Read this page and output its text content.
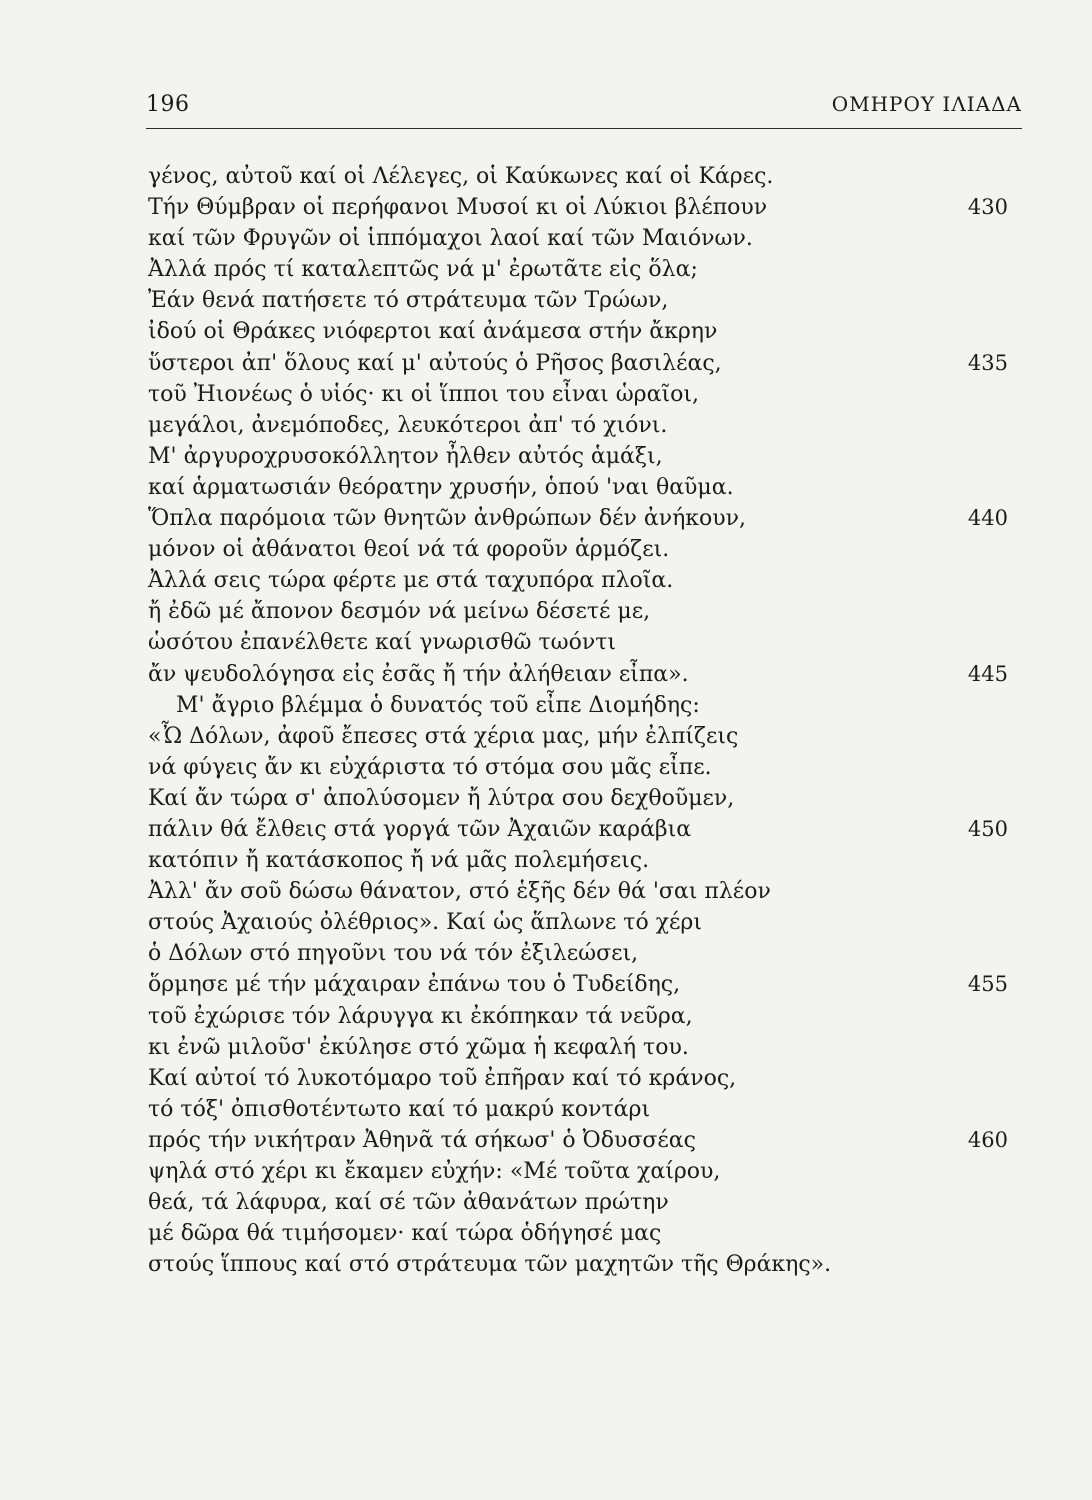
196	ΟΜΗΡΟΥ ΙΛΙΑΔΑ
γένος, αὐτοῦ καί οἱ Λέλεγες, οἱ Καύκωνες καί οἱ Κάρες.
Τήν Θύμβραν οἱ περήφανοι Μυσοί κι οἱ Λύκιοι βλέπουν	430
καί τῶν Φρυγῶν οἱ ἱππόμαχοι λαοί καί τῶν Μαιόνων.
Ἀλλά πρός τί καταλεπτῶς νά μ' ἐρωτᾶτε εἰς ὅλα;
Ἐάν θενά πατήσετε τό στράτευμα τῶν Τρώων,
ἰδού οἱ Θράκες νιόφερτοι καί ἀνάμεσα στήν ἄκρην
ὕστεροι ἀπ' ὅλους καί μ' αὐτούς ὁ Ρῆσος βασιλέας,	435
τοῦ Ἠιονέως ὁ υἱός· κι οἱ ἵπποι του εἶναι ὡραῖοι,
μεγάλοι, ἀνεμόποδες, λευκότεροι ἀπ' τό χιόνι.
Μ' ἀργυροχρυσοκόλλητον ἦλθεν αὐτός ἁμάξι,
καί ἁρματωσιάν θεόρατην χρυσήν, ὁπού 'ναι θαῦμα.
Ὅπλα παρόμοια τῶν θνητῶν ἀνθρώπων δέν ἀνήκουν,	440
μόνον οἱ ἀθάνατοι θεοί νά τά φοροῦν ἁρμόζει.
Ἀλλά σεις τώρα φέρτε με στά ταχυπόρα πλοῖα.
ἤ ἐδῶ μέ ἄπονον δεσμόν νά μείνω δέσετέ με,
ὡσότου ἐπανέλθετε καί γνωρισθῶ τωόντι
ἄν ψευδολόγησα εἰς ἐσᾶς ἤ τήν ἀλήθειαν εἶπα».	445
Μ' ἄγριο βλέμμα ὁ δυνατός τοῦ εἶπε Διομήδης:
«Ὦ Δόλων, ἀφοῦ ἔπεσες στά χέρια μας, μήν ἐλπίζεις
νά φύγεις ἄν κι εὐχάριστα τό στόμα σου μᾶς εἶπε.
Καί ἄν τώρα σ' ἀπολύσομεν ἤ λύτρα σου δεχθοῦμεν,
πάλιν θά ἔλθεις στά γοργά τῶν Ἀχαιῶν καράβια	450
κατόπιν ἤ κατάσκοπος ἤ νά μᾶς πολεμήσεις.
Ἀλλ' ἄν σοῦ δώσω θάνατον, στό ἑξῆς δέν θά 'σαι πλέον
στούς Ἀχαιούς ὀλέθριος». Καί ὡς ἅπλωνε τό χέρι
ὁ Δόλων στό πηγοῦνι του νά τόν ἐξιλεώσει,
ὅρμησε μέ τήν μάχαιραν ἐπάνω του ὁ Τυδείδης,	455
τοῦ ἐχώρισε τόν λάρυγγα κι ἐκόπηκαν τά νεῦρα,
κι ἐνῶ μιλοῦσ' ἐκύλησε στό χῶμα ἡ κεφαλή του.
Καί αὐτοί τό λυκοτόμαρο τοῦ ἐπῆραν καί τό κράνος,
τό τόξ' ὀπισθοτέντωτο καί τό μακρύ κοντάρι
πρός τήν νικήτραν Ἀθηνᾶ τά σήκωσ' ὁ Ὀδυσσέας	460
ψηλά στό χέρι κι ἔκαμεν εὐχήν: «Μέ τοῦτα χαίρου,
θεά, τά λάφυρα, καί σέ τῶν ἀθανάτων πρώτην
μέ δῶρα θά τιμήσομεν· καί τώρα ὁδήγησέ μας
στούς ἵππους καί στό στράτευμα τῶν μαχητῶν τῆς Θράκης».
